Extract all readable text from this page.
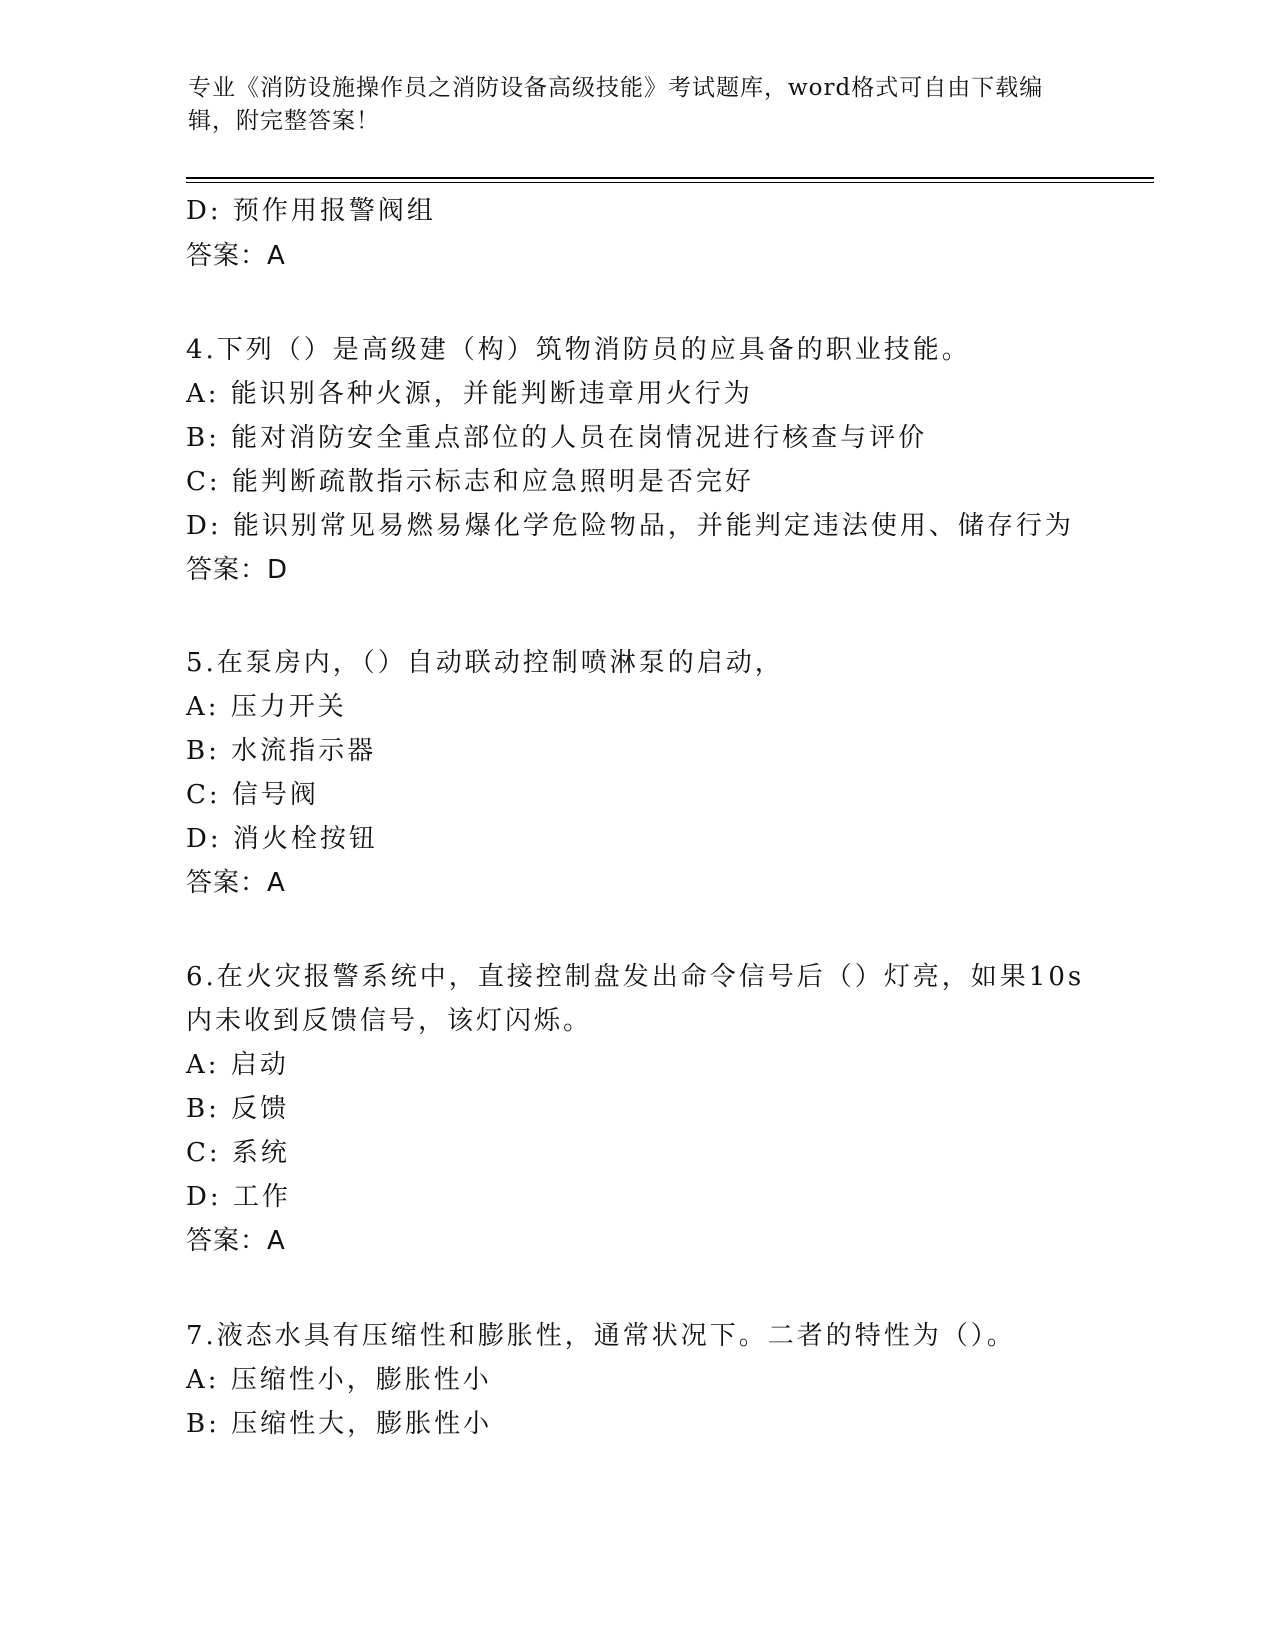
专业《消防设施操作员之消防设备高级技能》考试题库，word格式可自由下载编辑，附完整答案！
D: 预作用报警阀组
答案：A
4.下列（）是高级建（构）筑物消防员的应具备的职业技能。
A: 能识别各种火源，并能判断违章用火行为
B: 能对消防安全重点部位的人员在岗情况进行核查与评价
C: 能判断疏散指示标志和应急照明是否完好
D: 能识别常见易燃易爆化学危险物品，并能判定违法使用、储存行为
答案：D
5.在泵房内，（）自动联动控制喷淋泵的启动，
A: 压力开关
B: 水流指示器
C: 信号阀
D: 消火栓按钮
答案：A
6.在火灾报警系统中，直接控制盘发出命令信号后（）灯亮，如果10s
内未收到反馈信号，该灯闪烁。
A: 启动
B: 反馈
C: 系统
D: 工作
答案：A
7.液态水具有压缩性和膨胀性，通常状况下。二者的特性为（）。
A: 压缩性小，膨胀性小
B: 压缩性大，膨胀性小
